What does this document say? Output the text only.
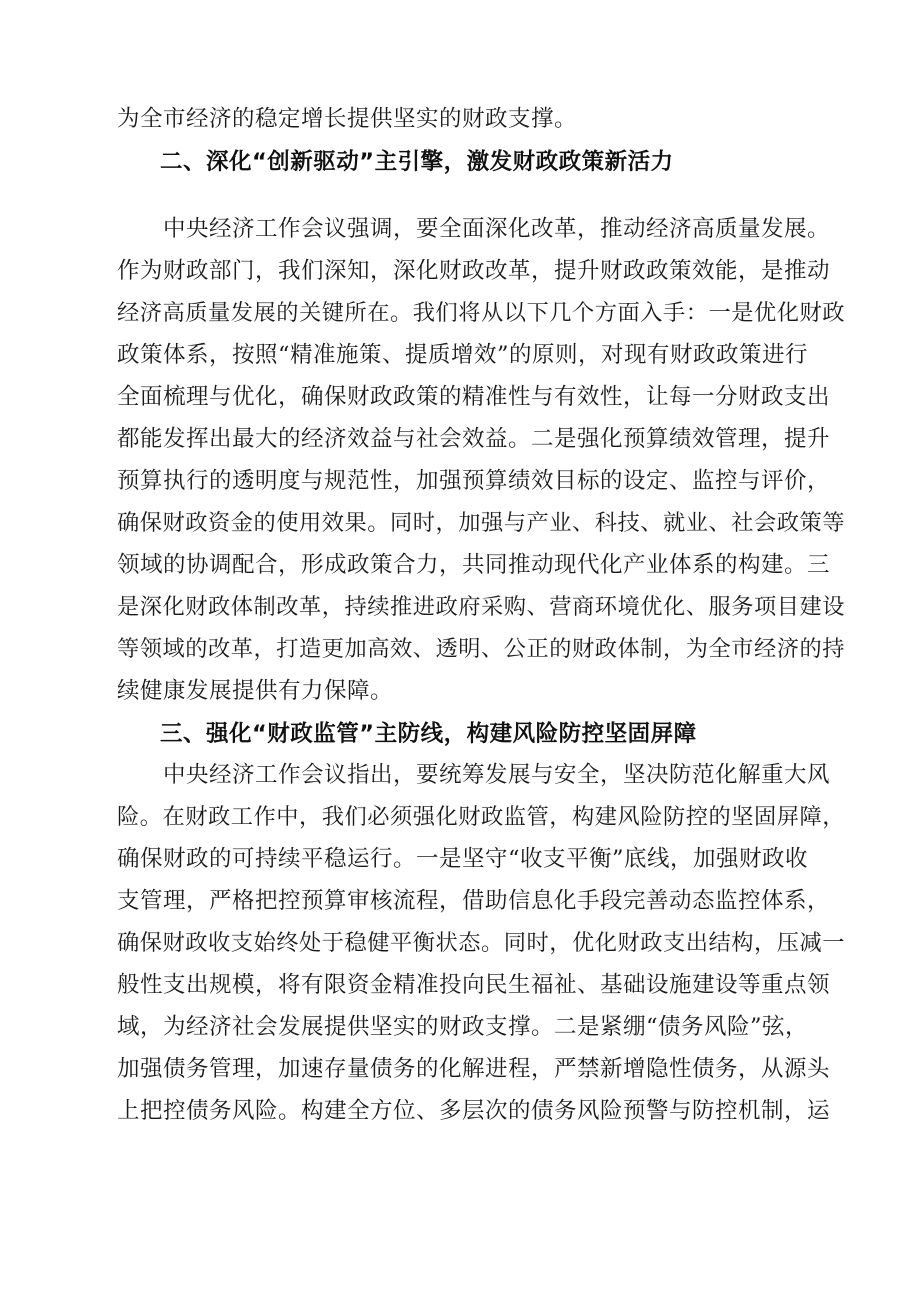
为全市经济的稳定增长提供坚实的财政支撑。
二、深化“创新驱动”主引擎，激发财政政策新活力
中央经济工作会议强调，要全面深化改革，推动经济高质量发展。
作为财政部门，我们深知，深化财政改革，提升财政政策效能，是推动
经济高质量发展的关键所在。我们将从以下几个方面入手：一是优化财政
政策体系，按照“精准施策、提质增效”的原则，对现有财政政策进行
全面梳理与优化，确保财政政策的精准性与有效性，让每一分财政支出
都能发挥出最大的经济效益与社会效益。二是强化预算绩效管理，提升
预算执行的透明度与规范性，加强预算绩效目标的设定、监控与评价，
确保财政资金的使用效果。同时，加强与产业、科技、就业、社会政策等
领域的协调配合，形成政策合力，共同推动现代化产业体系的构建。三
是深化财政体制改革，持续推进政府采购、营商环境优化、服务项目建设
等领域的改革，打造更加高效、透明、公正的财政体制，为全市经济的持
续健康发展提供有力保障。
三、强化“财政监管”主防线，构建风险防控坚固屏障
中央经济工作会议指出，要统筹发展与安全，坚决防范化解重大风
险。在财政工作中，我们必须强化财政监管，构建风险防控的坚固屏障，
确保财政的可持续平稳运行。一是坚守“收支平衡”底线，加强财政收
支管理，严格把控预算审核流程，借助信息化手段完善动态监控体系，
确保财政收支始终处于稳健平衡状态。同时，优化财政支出结构，压减一
般性支出规模，将有限资金精准投向民生福祉、基础设施建设等重点领
域，为经济社会发展提供坚实的财政支撑。二是紧绷“债务风险”弦，
加强债务管理，加速存量债务的化解进程，严禁新增隐性债务，从源头
上把控债务风险。构建全方位、多层次的债务风险预警与防控机制，运
